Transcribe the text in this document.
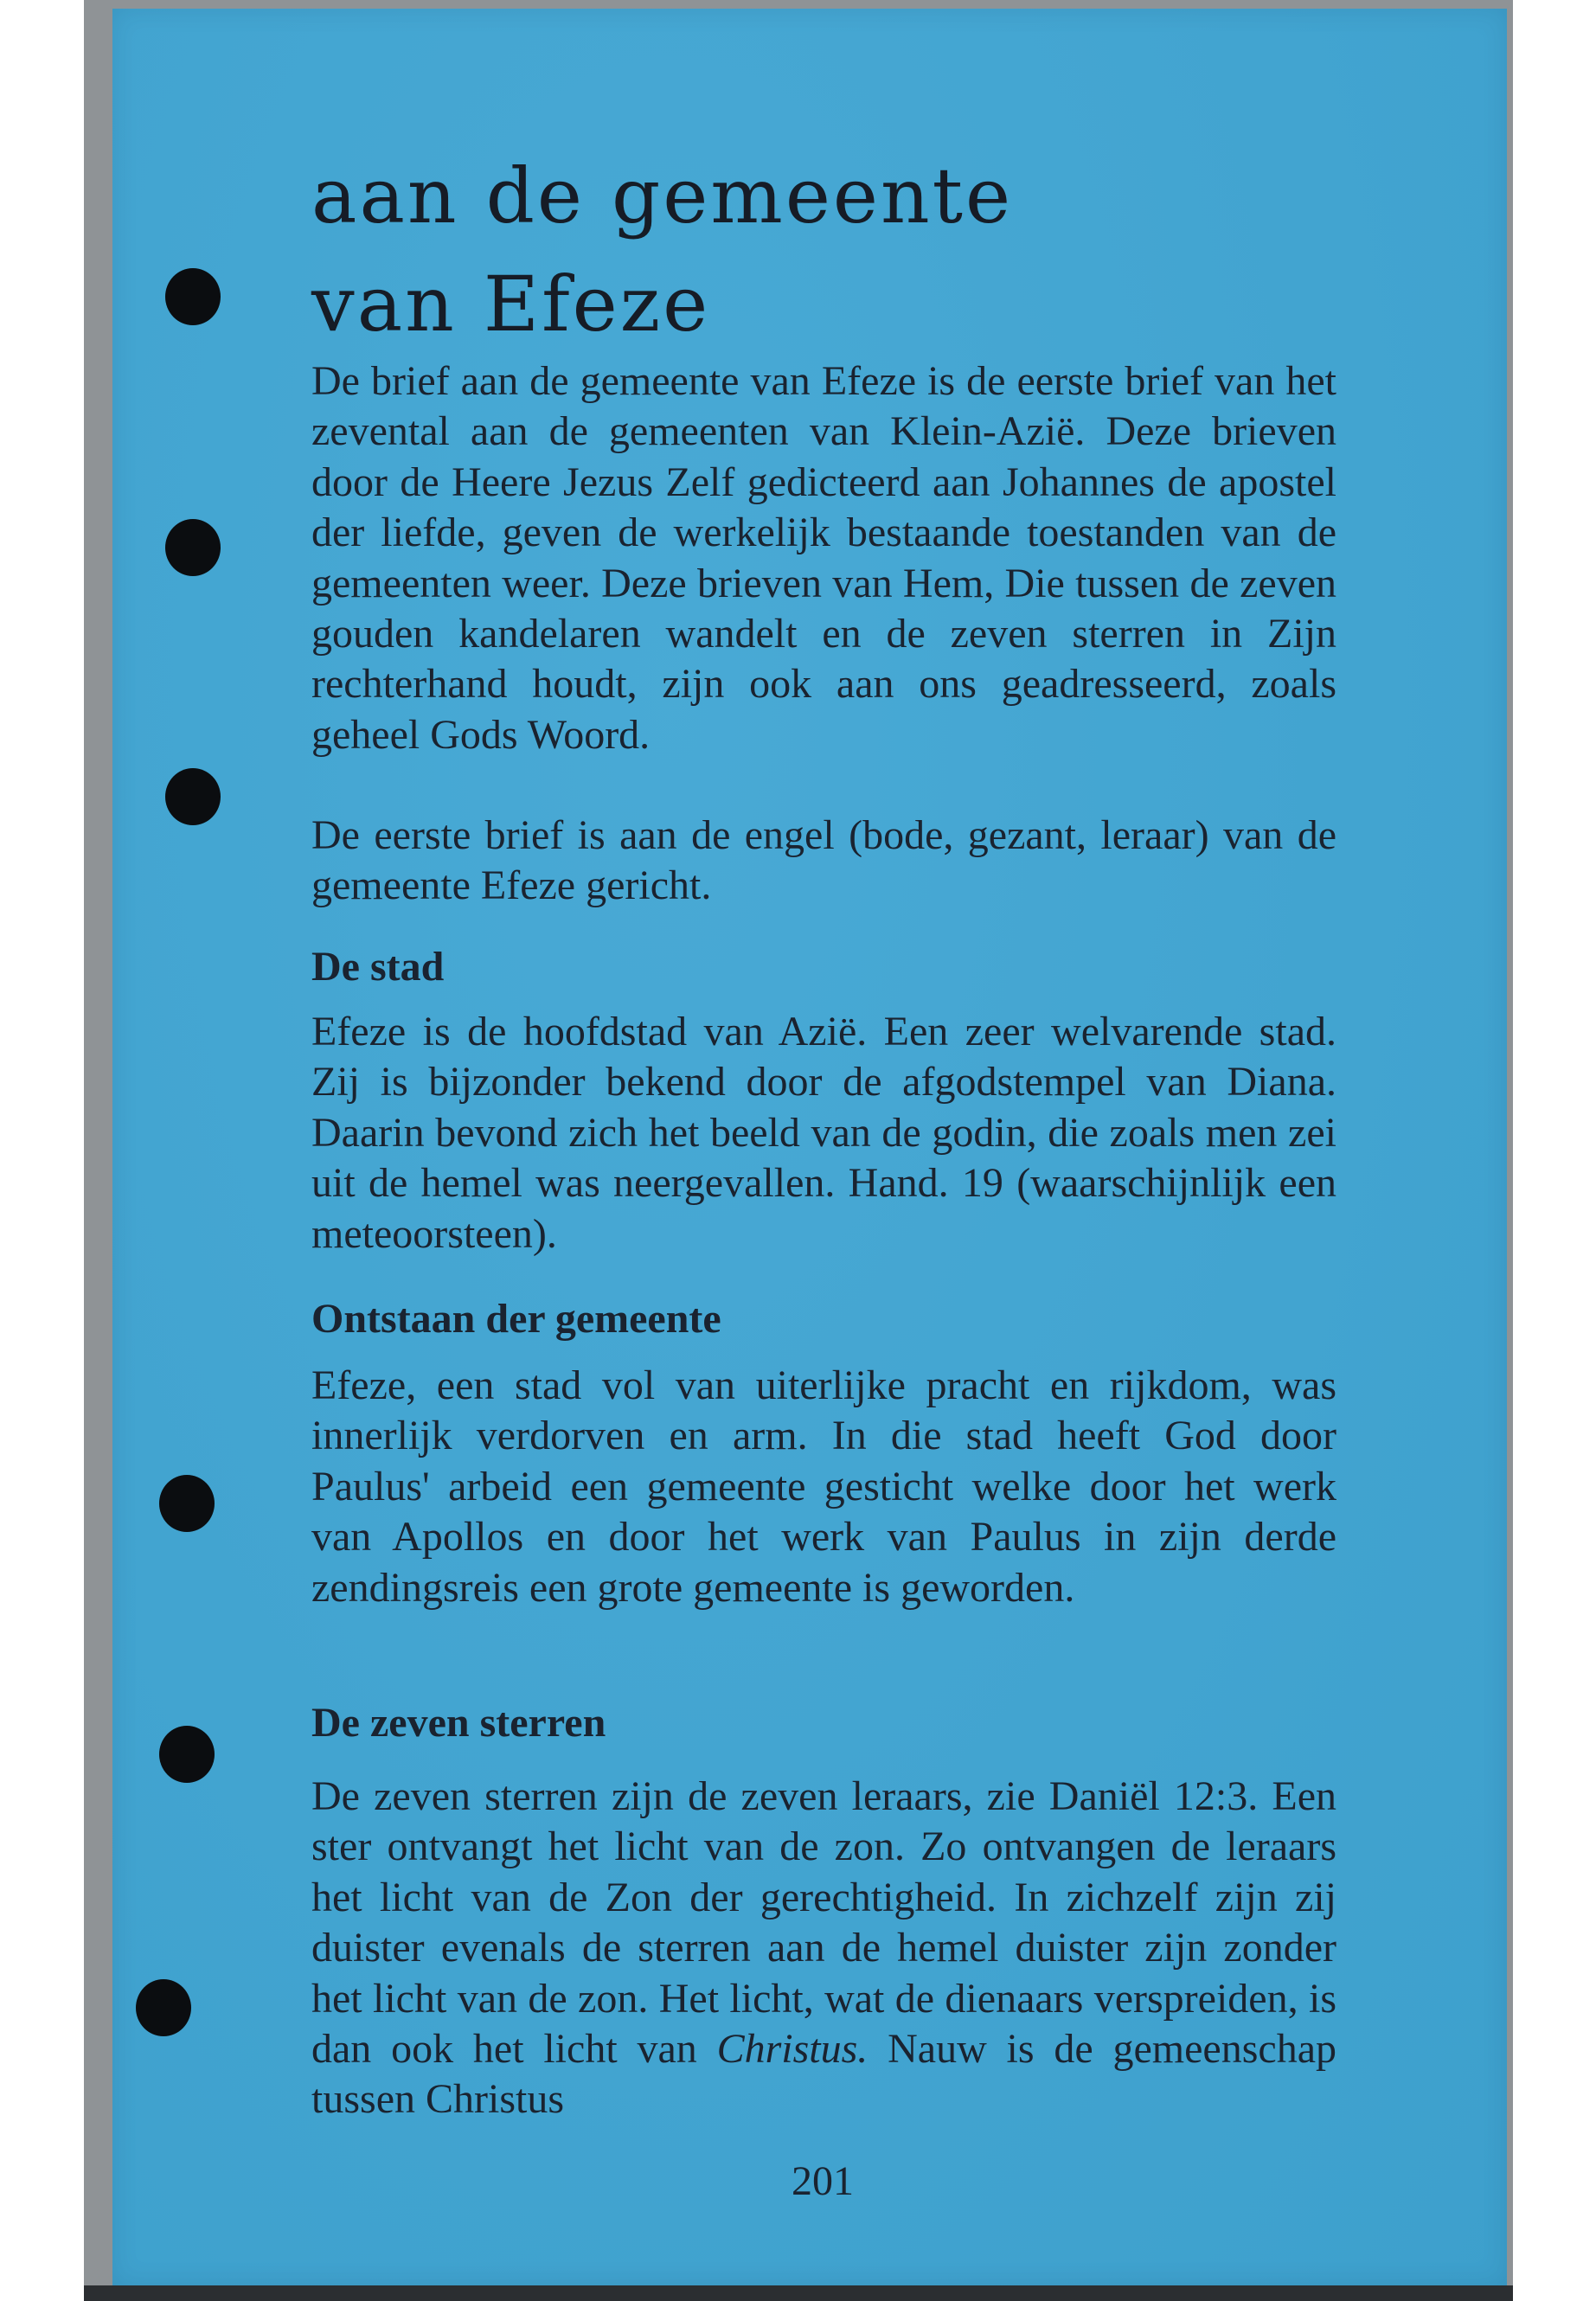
aan de gemeente
van Efeze

De brief aan de gemeente van Efeze is de eerste brief van het zevental aan de gemeenten van Klein-Azië. Deze brieven door de Heere Jezus Zelf gedicteerd aan Johannes de apostel der liefde, geven de werkelijk bestaande toestanden van de gemeenten weer. Deze brieven van Hem, Die tussen de zeven gouden kandelaren wandelt en de zeven sterren in Zijn rechterhand houdt, zijn ook aan ons geadresseerd, zoals geheel Gods Woord.

De eerste brief is aan de engel (bode, gezant, leraar) van de gemeente Efeze gericht.

De stad

Efeze is de hoofdstad van Azië. Een zeer welvarende stad. Zij is bijzonder bekend door de afgodstempel van Diana. Daarin bevond zich het beeld van de godin, die zoals men zei uit de hemel was neergevallen. Hand. 19 (waarschijnlijk een meteoorsteen).

Ontstaan der gemeente

Efeze, een stad vol van uiterlijke pracht en rijkdom, was innerlijk verdorven en arm. In die stad heeft God door Paulus' arbeid een gemeente gesticht welke door het werk van Apollos en door het werk van Paulus in zijn derde zendingsreis een grote gemeente is geworden.

De zeven sterren

De zeven sterren zijn de zeven leraars, zie Daniël 12:3. Een ster ontvangt het licht van de zon. Zo ontvangen de leraars het licht van de Zon der gerechtigheid. In zichzelf zijn zij duister evenals de sterren aan de hemel duister zijn zonder het licht van de zon. Het licht, wat de dienaars verspreiden, is dan ook het licht van Christus. Nauw is de gemeenschap tussen Christus

201
